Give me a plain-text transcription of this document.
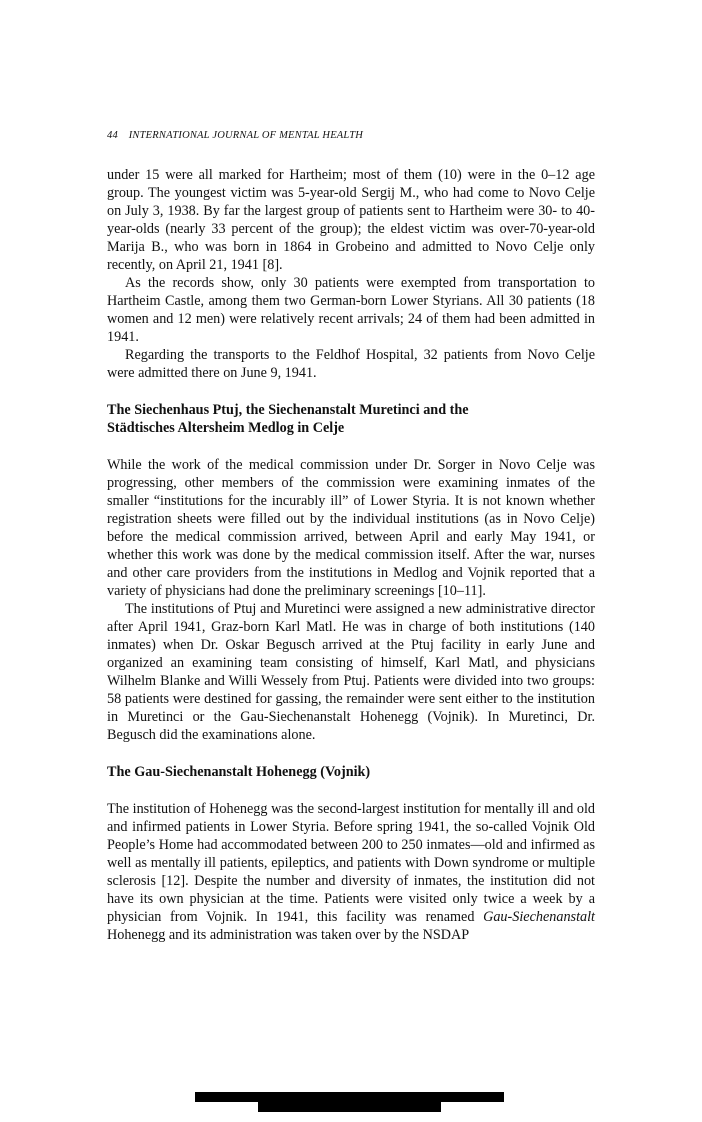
44 INTERNATIONAL JOURNAL OF MENTAL HEALTH

under 15 were all marked for Hartheim; most of them (10) were in the 0–12 age group. The youngest victim was 5-year-old Sergij M., who had come to Novo Celje on July 3, 1938. By far the largest group of patients sent to Hartheim were 30- to 40-year-olds (nearly 33 percent of the group); the eldest victim was over-70-year-old Marija B., who was born in 1864 in Grobeino and admitted to Novo Celje only recently, on April 21, 1941 [8].

As the records show, only 30 patients were exempted from transportation to Hartheim Castle, among them two German-born Lower Styrians. All 30 patients (18 women and 12 men) were relatively recent arrivals; 24 of them had been admitted in 1941.

Regarding the transports to the Feldhof Hospital, 32 patients from Novo Celje were admitted there on June 9, 1941.

The Siechenhaus Ptuj, the Siechenanstalt Muretinci and the
Städtisches Altersheim Medlog in Celje

While the work of the medical commission under Dr. Sorger in Novo Celje was progressing, other members of the commission were examining inmates of the smaller “institutions for the incurably ill” of Lower Styria. It is not known whether registration sheets were filled out by the individual institutions (as in Novo Celje) before the medical commission arrived, between April and early May 1941, or whether this work was done by the medical commission itself. After the war, nurses and other care providers from the institutions in Medlog and Vojnik reported that a variety of physicians had done the preliminary screenings [10–11].

The institutions of Ptuj and Muretinci were assigned a new administrative director after April 1941, Graz-born Karl Matl. He was in charge of both institutions (140 inmates) when Dr. Oskar Begusch arrived at the Ptuj facility in early June and organized an examining team consisting of himself, Karl Matl, and physicians Wilhelm Blanke and Willi Wessely from Ptuj. Patients were divided into two groups: 58 patients were destined for gassing, the remainder were sent either to the institution in Muretinci or the Gau-Siechenanstalt Hohenegg (Vojnik). In Muretinci, Dr. Begusch did the examinations alone.

The Gau-Siechenanstalt Hohenegg (Vojnik)

The institution of Hohenegg was the second-largest institution for mentally ill and old and infirmed patients in Lower Styria. Before spring 1941, the so-called Vojnik Old People’s Home had accommodated between 200 to 250 inmates—old and infirmed as well as mentally ill patients, epileptics, and patients with Down syndrome or multiple sclerosis [12]. Despite the number and diversity of inmates, the institution did not have its own physician at the time. Patients were visited only twice a week by a physician from Vojnik. In 1941, this facility was renamed Gau-Siechenanstalt Hohenegg and its administration was taken over by the NSDAP
